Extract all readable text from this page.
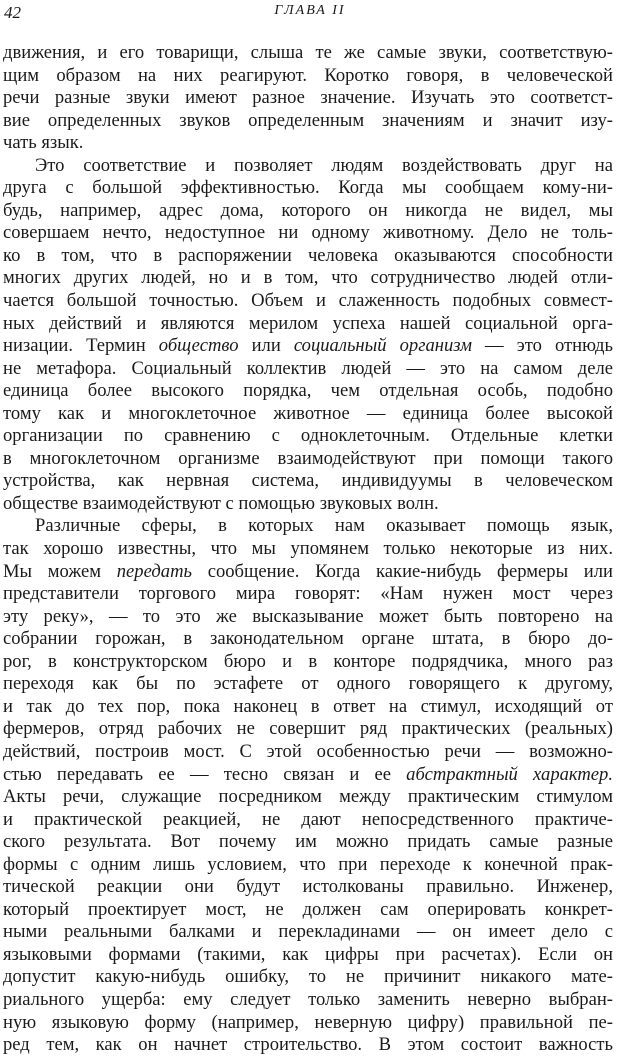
42	ГЛАВА II
движения, и его товарищи, слыша те же самые звуки, соответствую-
щим образом на них реагируют. Коротко говоря, в человеческой
речи разные звуки имеют разное значение. Изучать это соответст-
вие определенных звуков определенным значениям и значит изу-
чать язык.
Это соответствие и позволяет людям воздействовать друг на
друга с большой эффективностью. Когда мы сообщаем кому-ни-
будь, например, адрес дома, которого он никогда не видел, мы
совершаем нечто, недоступное ни одному животному. Дело не толь-
ко в том, что в распоряжении человека оказываются способности
многих других людей, но и в том, что сотрудничество людей отли-
чается большой точностью. Объем и слаженность подобных совмест-
ных действий и являются мерилом успеха нашей социальной орга-
низации. Термин общество или социальный организм — это отнюдь
не метафора. Социальный коллектив людей — это на самом деле
единица более высокого порядка, чем отдельная особь, подобно
тому как и многоклеточное животное — единица более высокой
организации по сравнению с одноклеточным. Отдельные клетки
в многоклеточном организме взаимодействуют при помощи такого
устройства, как нервная система, индивидуумы в человеческом
обществе взаимодействуют с помощью звуковых волн.
Различные сферы, в которых нам оказывает помощь язык,
так хорошо известны, что мы упомянем только некоторые из них.
Мы можем передать сообщение. Когда какие-нибудь фермеры или
представители торгового мира говорят: «Нам нужен мост через
эту реку», — то это же высказывание может быть повторено на
собрании горожан, в законодательном органе штата, в бюро до-
рог, в конструкторском бюро и в конторе подрядчика, много раз
переходя как бы по эстафете от одного говорящего к другому,
и так до тех пор, пока наконец в ответ на стимул, исходящий от
фермеров, отряд рабочих не совершит ряд практических (реальных)
действий, построив мост. С этой особенностью речи — возможно-
стью передавать ее — тесно связан и ее абстрактный характер.
Акты речи, служащие посредником между практическим стимулом
и практической реакцией, не дают непосредственного практиче-
ского результата. Вот почему им можно придать самые разные
формы с одним лишь условием, что при переходе к конечной прак-
тической реакции они будут истолкованы правильно. Инженер,
который проектирует мост, не должен сам оперировать конкрет-
ными реальными балками и перекладинами — он имеет дело с
языковыми формами (такими, как цифры при расчетах). Если он
допустит какую-нибудь ошибку, то не причинит никакого мате-
риального ущерба: ему следует только заменить неверно выбран-
ную языковую форму (например, неверную цифру) правильной пе-
ред тем, как он начнет строительство. В этом состоит важность
